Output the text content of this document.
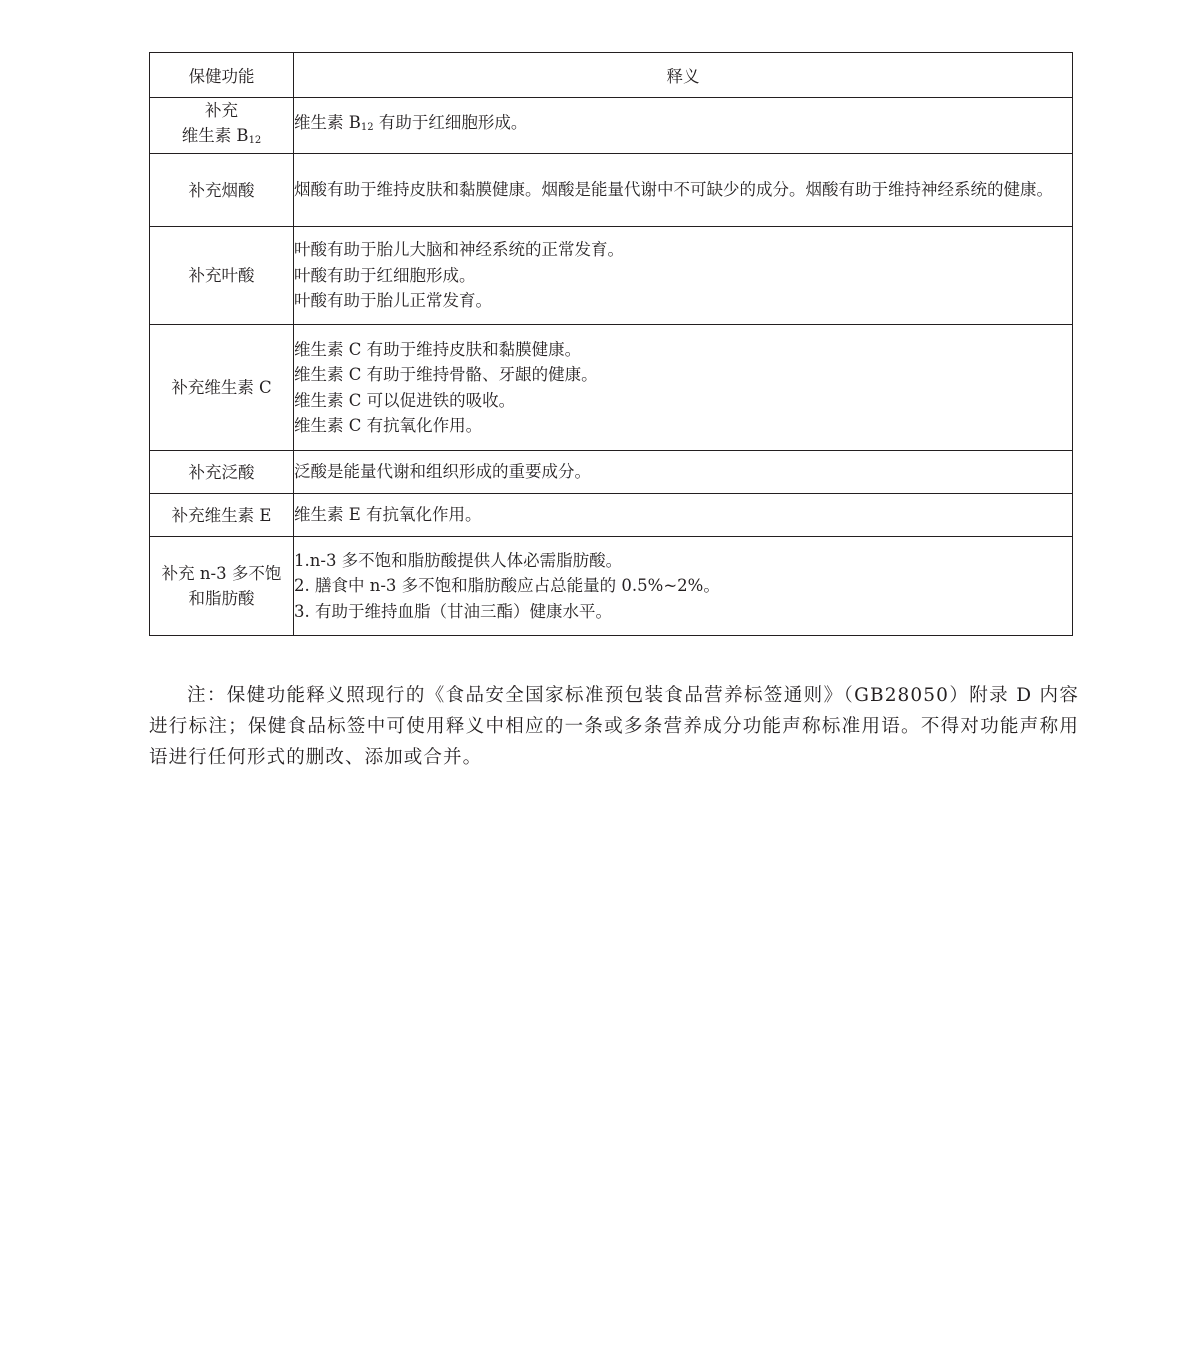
保健功能	释义

补充
维生素 $B_{12}$	维生素 $B_{12}$ 有助于红细胞形成。

补充烟酸	烟酸有助于维持皮肤和黏膜健康。烟酸是能量代谢中不可缺少的成分。烟酸有助于维持神经系统的健康。

补充叶酸	叶酸有助于胎儿大脑和神经系统的正常发育。
叶酸有助于红细胞形成。
叶酸有助于胎儿正常发育。

补充维生素 C	维生素 C 有助于维持皮肤和黏膜健康。
维生素 C 有助于维持骨骼、牙龈的健康。
维生素 C 可以促进铁的吸收。
维生素 C 有抗氧化作用。

补充泛酸	泛酸是能量代谢和组织形成的重要成分。

补充维生素 E	维生素 E 有抗氧化作用。

补充 n-3 多不饱
和脂肪酸	1.n-3 多不饱和脂肪酸提供人体必需脂肪酸。
2. 膳食中 n-3 多不饱和脂肪酸应占总能量的 0.5%~2%。
3. 有助于维持血脂（甘油三酯）健康水平。

注：保健功能释义照现行的《食品安全国家标准预包装食品营养标签通则》（GB28050）附录 D 内容进行标注；保健食品标签中可使用释义中相应的一条或多条营养成分功能声称标准用语。不得对功能声称用语进行任何形式的删改、添加或合并。
